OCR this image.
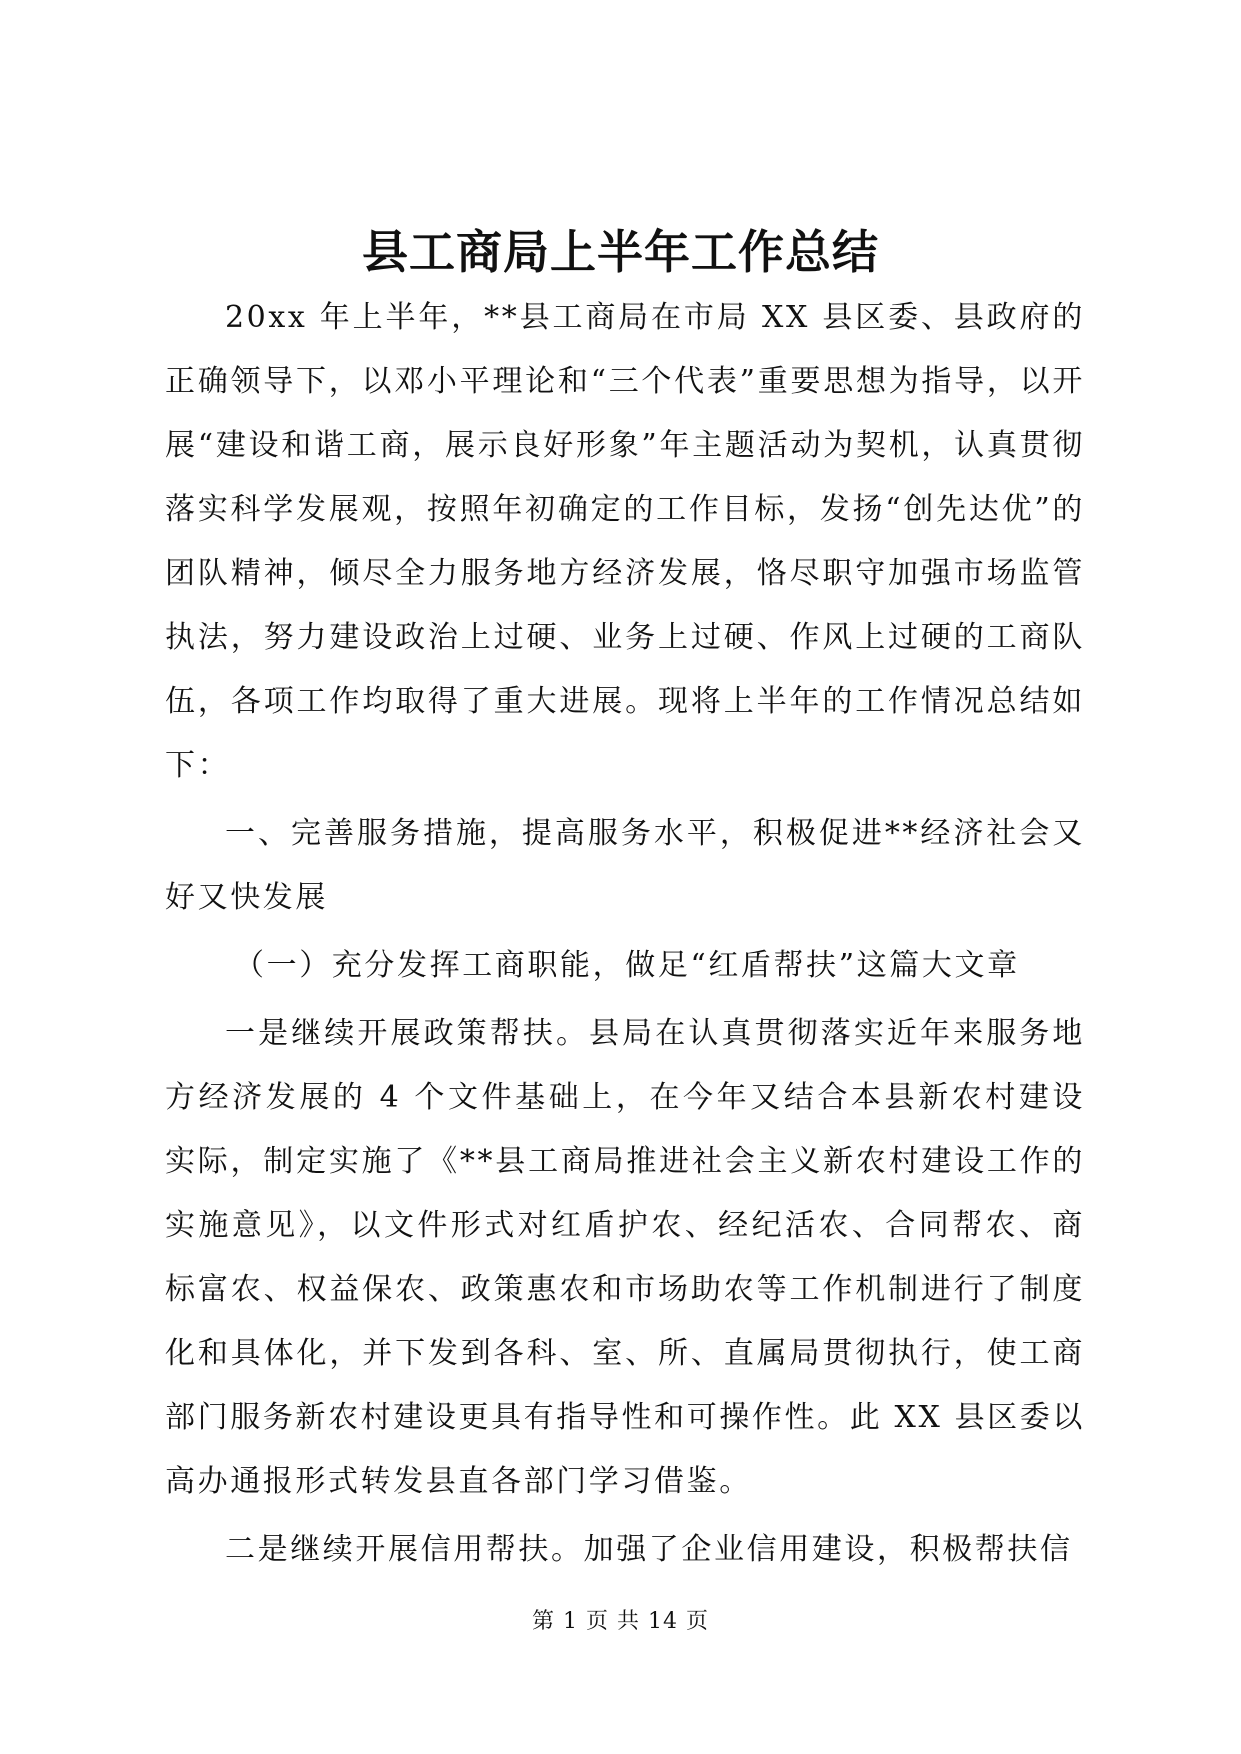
县工商局上半年工作总结

20xx 年上半年，**县工商局在市局 XX 县区委、县政府的正确领导下，以邓小平理论和“三个代表”重要思想为指导，以开展“建设和谐工商，展示良好形象”年主题活动为契机，认真贯彻落实科学发展观，按照年初确定的工作目标，发扬“创先达优”的团队精神，倾尽全力服务地方经济发展，恪尽职守加强市场监管执法，努力建设政治上过硬、业务上过硬、作风上过硬的工商队伍，各项工作均取得了重大进展。现将上半年的工作情况总结如下：

一、完善服务措施，提高服务水平，积极促进**经济社会又好又快发展

（一）充分发挥工商职能，做足“红盾帮扶”这篇大文章

一是继续开展政策帮扶。县局在认真贯彻落实近年来服务地方经济发展的 4 个文件基础上，在今年又结合本县新农村建设实际，制定实施了《**县工商局推进社会主义新农村建设工作的实施意见》，以文件形式对红盾护农、经纪活农、合同帮农、商标富农、权益保农、政策惠农和市场助农等工作机制进行了制度化和具体化，并下发到各科、室、所、直属局贯彻执行，使工商部门服务新农村建设更具有指导性和可操作性。此 XX 县区委以高办通报形式转发县直各部门学习借鉴。

二是继续开展信用帮扶。加强了企业信用建设，积极帮扶信

第 1 页 共 14 页
